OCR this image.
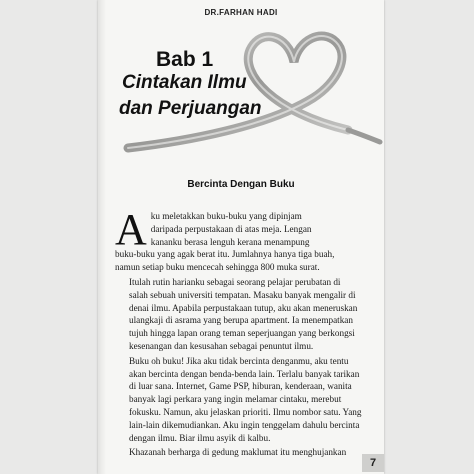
DR.FARHAN HADI
Bab 1
Cintakan Ilmu
dan Perjuangan
Bercinta Dengan Buku

A ku meletakkan buku-buku yang dipinjam
daripada perpustakaan di atas meja. Lengan
kananku berasa lenguh kerana menampung
buku-buku yang agak berat itu. Jumlahnya hanya tiga buah,
namun setiap buku mencecah sehingga 800 muka surat.

Itulah rutin harianku sebagai seorang pelajar perubatan di
salah sebuah universiti tempatan. Masaku banyak mengalir di
denai ilmu. Apabila perpustakaan tutup, aku akan meneruskan
ulangkaji di asrama yang berupa apartment. Ia menempatkan
tujuh hingga lapan orang teman seperjuangan yang berkongsi
kesenangan dan kesusahan sebagai penuntut ilmu.

Buku oh buku! Jika aku tidak bercinta denganmu, aku tentu
akan bercinta dengan benda-benda lain. Terlalu banyak tarikan
di luar sana. Internet, Game PSP, hiburan, kenderaan, wanita
banyak lagi perkara yang ingin melamar cintaku, merebut
fokusku. Namun, aku jelaskan prioriti. Ilmu nombor satu. Yang
lain-lain dikemudiankan. Aku ingin tenggelam dahulu bercinta
dengan ilmu. Biar ilmu asyik di kalbu.

Khazanah berharga di gedung maklumat itu menghujankan

7
